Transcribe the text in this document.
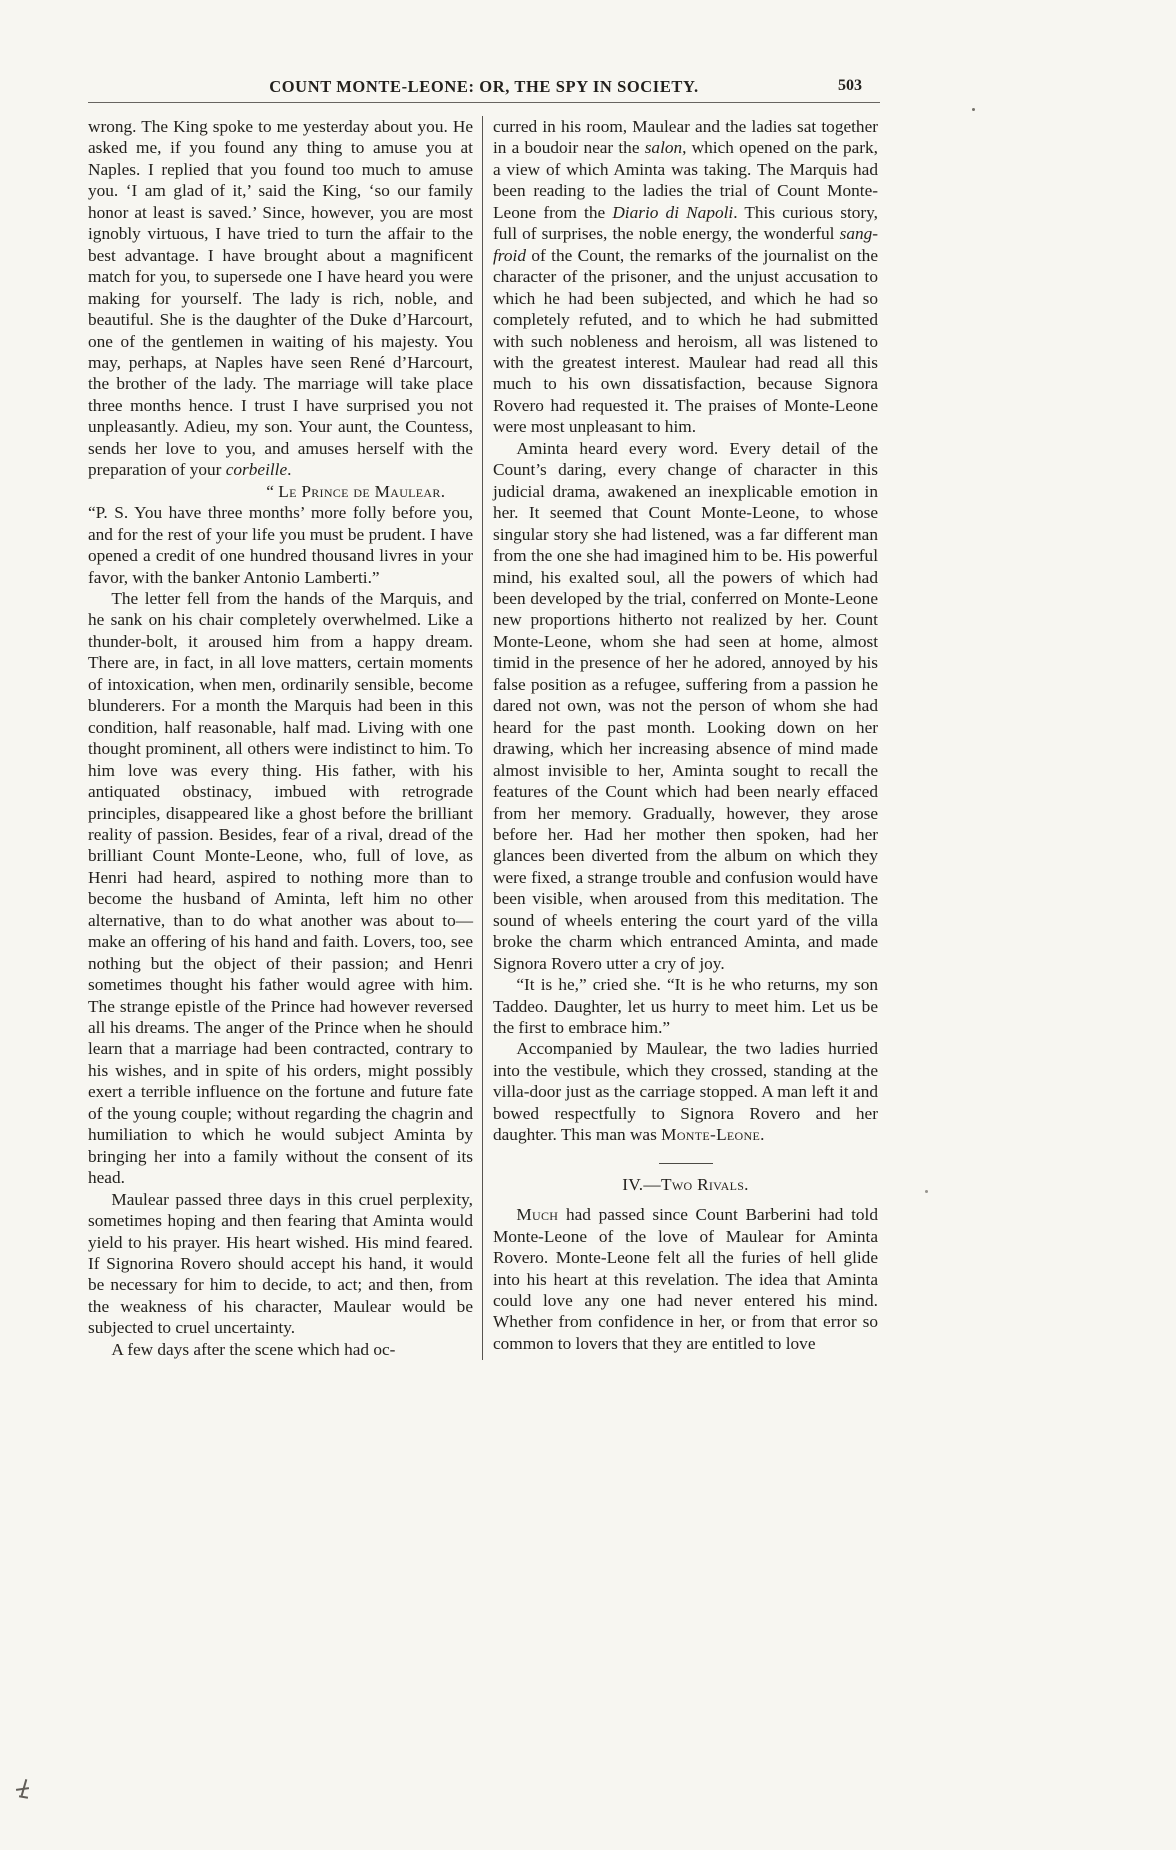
COUNT MONTE-LEONE: OR, THE SPY IN SOCIETY.	503

wrong. The King spoke to me yesterday about you. He asked me, if you found any thing to amuse you at Naples. I replied that you found too much to amuse you. ‘I am glad of it,’ said the King, ‘so our family honor at least is saved.’ Since, however, you are most ignobly virtuous, I have tried to turn the affair to the best advantage. I have brought about a magnificent match for you, to supersede one I have heard you were making for yourself. The lady is rich, noble, and beautiful. She is the daughter of the Duke d’Harcourt, one of the gentlemen in waiting of his majesty. You may, perhaps, at Naples have seen René d’Harcourt, the brother of the lady. The marriage will take place three months hence. I trust I have surprised you not unpleasantly. Adieu, my son. Your aunt, the Countess, sends her love to you, and amuses herself with the preparation of your corbeille.

“ Le Prince de Maulear.

“P. S. You have three months’ more folly before you, and for the rest of your life you must be prudent. I have opened a credit of one hundred thousand livres in your favor, with the banker Antonio Lamberti.”

The letter fell from the hands of the Marquis, and he sank on his chair completely overwhelmed. Like a thunder-bolt, it aroused him from a happy dream. There are, in fact, in all love matters, certain moments of intoxication, when men, ordinarily sensible, become blunderers. For a month the Marquis had been in this condition, half reasonable, half mad. Living with one thought prominent, all others were indistinct to him. To him love was every thing. His father, with his antiquated obstinacy, imbued with retrograde principles, disappeared like a ghost before the brilliant reality of passion. Besides, fear of a rival, dread of the brilliant Count Monte-Leone, who, full of love, as Henri had heard, aspired to nothing more than to become the husband of Aminta, left him no other alternative, than to do what another was about to—make an offering of his hand and faith. Lovers, too, see nothing but the object of their passion; and Henri sometimes thought his father would agree with him. The strange epistle of the Prince had however reversed all his dreams. The anger of the Prince when he should learn that a marriage had been contracted, contrary to his wishes, and in spite of his orders, might possibly exert a terrible influence on the fortune and future fate of the young couple; without regarding the chagrin and humiliation to which he would subject Aminta by bringing her into a family without the consent of its head.

Maulear passed three days in this cruel perplexity, sometimes hoping and then fearing that Aminta would yield to his prayer. His heart wished. His mind feared. If Signorina Rovero should accept his hand, it would be necessary for him to decide, to act; and then, from the weakness of his character, Maulear would be subjected to cruel uncertainty.

A few days after the scene which had oc-

curred in his room, Maulear and the ladies sat together in a boudoir near the salon, which opened on the park, a view of which Aminta was taking. The Marquis had been reading to the ladies the trial of Count Monte-Leone from the Diario di Napoli. This curious story, full of surprises, the noble energy, the wonderful sang-froid of the Count, the remarks of the journalist on the character of the prisoner, and the unjust accusation to which he had been subjected, and which he had so completely refuted, and to which he had submitted with such nobleness and heroism, all was listened to with the greatest interest. Maulear had read all this much to his own dissatisfaction, because Signora Rovero had requested it. The praises of Monte-Leone were most unpleasant to him.

Aminta heard every word. Every detail of the Count’s daring, every change of character in this judicial drama, awakened an inexplicable emotion in her. It seemed that Count Monte-Leone, to whose singular story she had listened, was a far different man from the one she had imagined him to be. His powerful mind, his exalted soul, all the powers of which had been developed by the trial, conferred on Monte-Leone new proportions hitherto not realized by her. Count Monte-Leone, whom she had seen at home, almost timid in the presence of her he adored, annoyed by his false position as a refugee, suffering from a passion he dared not own, was not the person of whom she had heard for the past month. Looking down on her drawing, which her increasing absence of mind made almost invisible to her, Aminta sought to recall the features of the Count which had been nearly effaced from her memory. Gradually, however, they arose before her. Had her mother then spoken, had her glances been diverted from the album on which they were fixed, a strange trouble and confusion would have been visible, when aroused from this meditation. The sound of wheels entering the court yard of the villa broke the charm which entranced Aminta, and made Signora Rovero utter a cry of joy.

“It is he,” cried she. “It is he who returns, my son Taddeo. Daughter, let us hurry to meet him. Let us be the first to embrace him.”

Accompanied by Maulear, the two ladies hurried into the vestibule, which they crossed, standing at the villa-door just as the carriage stopped. A man left it and bowed respectfully to Signora Rovero and her daughter. This man was Monte-Leone.

IV.—Two Rivals.

Much had passed since Count Barberini had told Monte-Leone of the love of Maulear for Aminta Rovero. Monte-Leone felt all the furies of hell glide into his heart at this revelation. The idea that Aminta could love any one had never entered his mind. Whether from confidence in her, or from that error so common to lovers that they are entitled to love
